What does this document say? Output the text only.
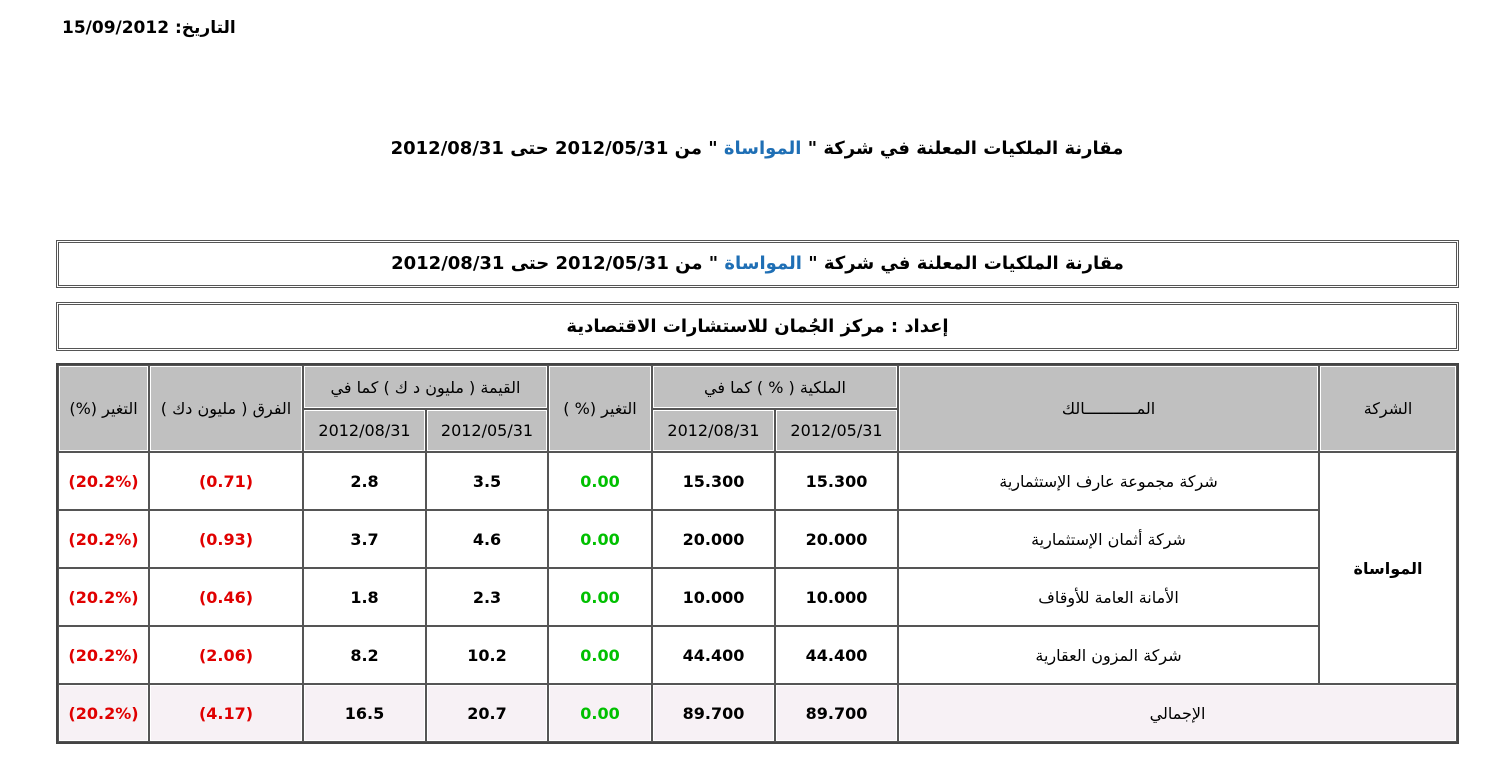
التاريخ: 15/09/2012
مقارنة الملكيات المعلنة في شركة " المواساة " من 2012/05/31 حتى 2012/08/31
مقارنة الملكيات المعلنة في شركة " المواساة " من 2012/05/31 حتى 2012/08/31
إعداد : مركز الجُمان للاستشارات الاقتصادية
التغير (%)	الفرق ( مليون دك )	القيمة ( مليون د ك ) كما في		التغير (% )	الملكية ( % ) كما في		المـــــــــــالك	الشركة
		2012/08/31	2012/05/31		2012/08/31	2012/05/31		
(20.2%)	(0.71)	2.8	3.5	0.00	15.300	15.300	شركة مجموعة عارف الإستثمارية	المواساة
(20.2%)	(0.93)	3.7	4.6	0.00	20.000	20.000	شركة أثمان الإستثمارية	
(20.2%)	(0.46)	1.8	2.3	0.00	10.000	10.000	الأمانة العامة للأوقاف	
(20.2%)	(2.06)	8.2	10.2	0.00	44.400	44.400	شركة المزون العقارية	
(20.2%)	(4.17)	16.5	20.7	0.00	89.700	89.700	الإجمالي	
